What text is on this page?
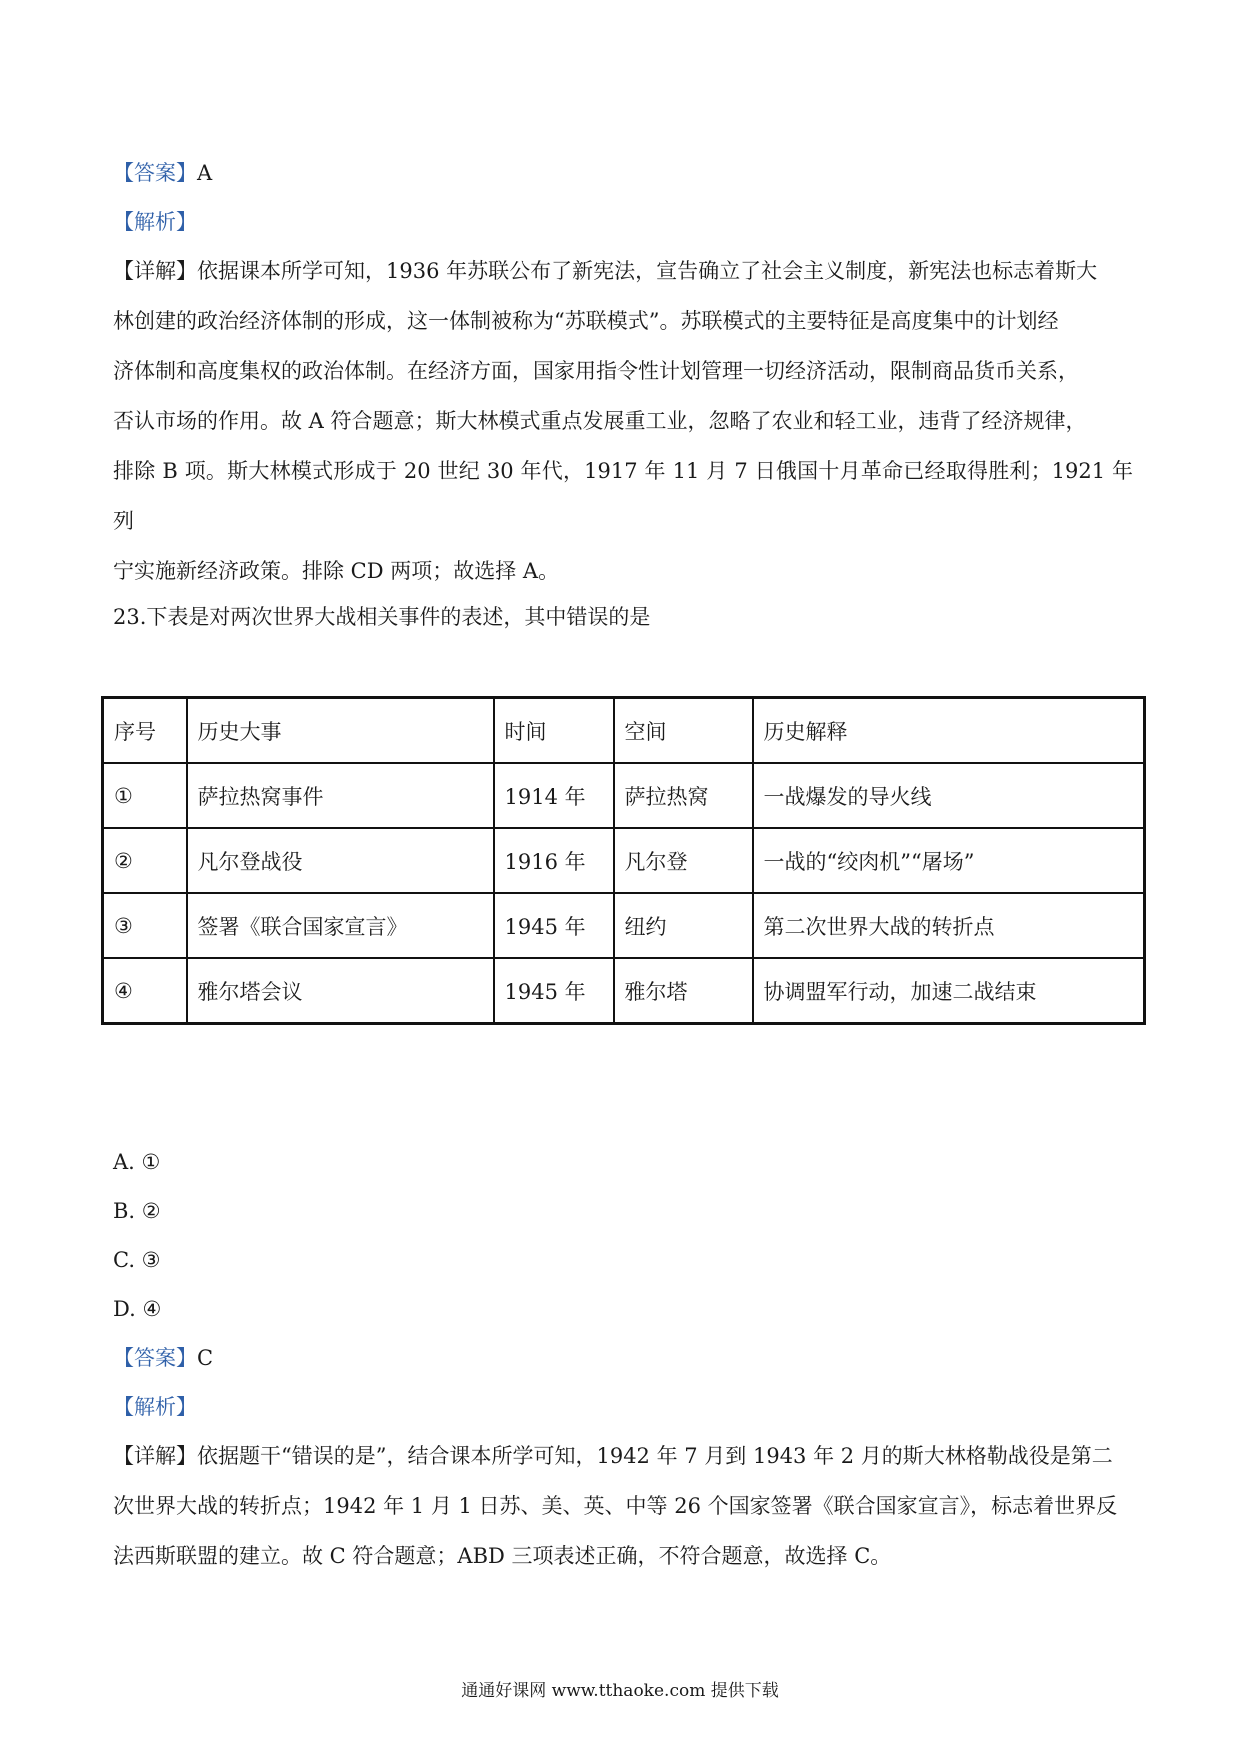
【答案】A
【解析】
【详解】依据课本所学可知，1936 年苏联公布了新宪法，宣告确立了社会主义制度，新宪法也标志着斯大
林创建的政治经济体制的形成，这一体制被称为“苏联模式”。苏联模式的主要特征是高度集中的计划经
济体制和高度集权的政治体制。在经济方面，国家用指令性计划管理一切经济活动，限制商品货币关系，
否认市场的作用。故 A 符合题意；斯大林模式重点发展重工业，忽略了农业和轻工业，违背了经济规律，
排除 B 项。斯大林模式形成于 20 世纪 30 年代，1917 年 11 月 7 日俄国十月革命已经取得胜利；1921 年列
宁实施新经济政策。排除 CD 两项；故选择 A。
23.下表是对两次世界大战相关事件的表述，其中错误的是
序号	历史大事	时间	空间	历史解释
①	萨拉热窝事件	1914 年	萨拉热窝	一战爆发的导火线
②	凡尔登战役	1916 年	凡尔登	一战的“绞肉机”“屠场”
③	签署《联合国家宣言》	1945 年	纽约	第二次世界大战的转折点
④	雅尔塔会议	1945 年	雅尔塔	协调盟军行动，加速二战结束
A. ①
B. ②
C. ③
D. ④
【答案】C
【解析】
【详解】依据题干“错误的是”，结合课本所学可知，1942 年 7 月到 1943 年 2 月的斯大林格勒战役是第二
次世界大战的转折点；1942 年 1 月 1 日苏、美、英、中等 26 个国家签署《联合国家宣言》，标志着世界反
法西斯联盟的建立。故 C 符合题意；ABD 三项表述正确，不符合题意，故选择 C。
通通好课网 www.tthaoke.com 提供下载
